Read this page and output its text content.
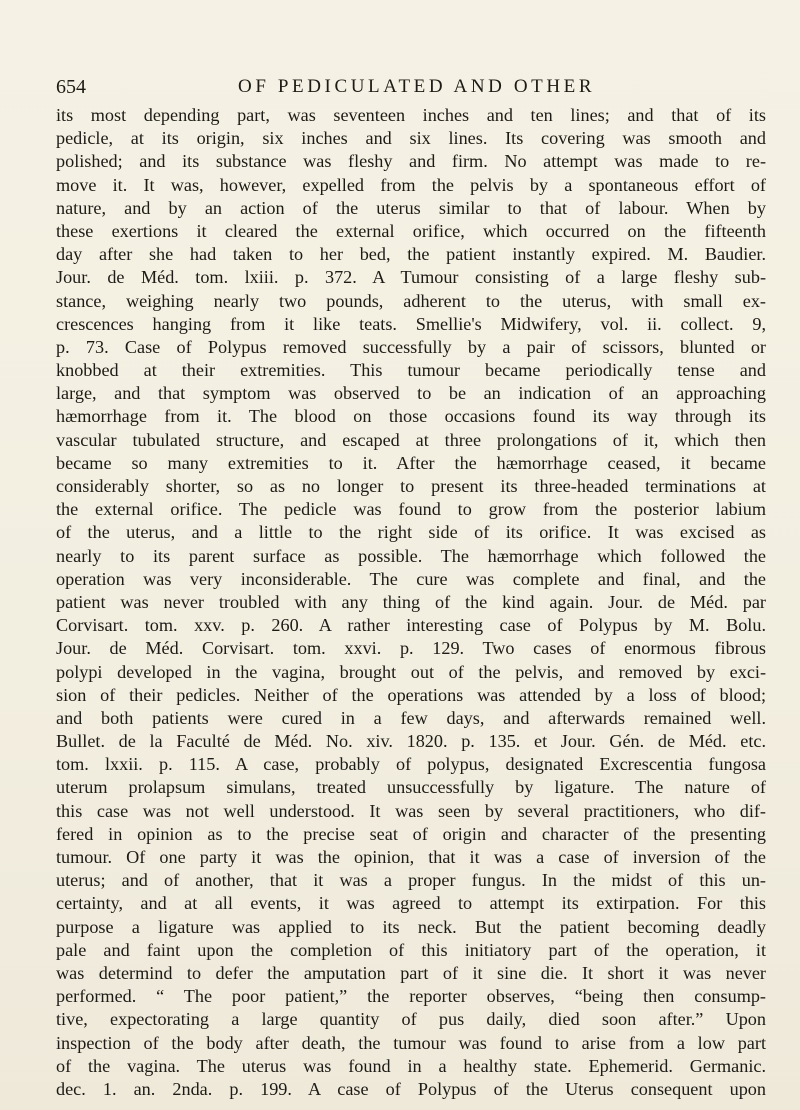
654	OF PEDICULATED AND OTHER
its most depending part, was seventeen inches and ten lines; and that of its
pedicle, at its origin, six inches and six lines. Its covering was smooth and
polished; and its substance was fleshy and firm. No attempt was made to re-
move it. It was, however, expelled from the pelvis by a spontaneous effort of
nature, and by an action of the uterus similar to that of labour. When by
these exertions it cleared the external orifice, which occurred on the fifteenth
day after she had taken to her bed, the patient instantly expired. M. Baudier.
Jour. de Méd. tom. lxiii. p. 372. A Tumour consisting of a large fleshy sub-
stance, weighing nearly two pounds, adherent to the uterus, with small ex-
crescences hanging from it like teats. Smellie's Midwifery, vol. ii. collect. 9,
p. 73. Case of Polypus removed successfully by a pair of scissors, blunted or
knobbed at their extremities. This tumour became periodically tense and
large, and that symptom was observed to be an indication of an approaching
hæmorrhage from it. The blood on those occasions found its way through its
vascular tubulated structure, and escaped at three prolongations of it, which then
became so many extremities to it. After the hæmorrhage ceased, it became
considerably shorter, so as no longer to present its three-headed terminations at
the external orifice. The pedicle was found to grow from the posterior labium
of the uterus, and a little to the right side of its orifice. It was excised as
nearly to its parent surface as possible. The hæmorrhage which followed the
operation was very inconsiderable. The cure was complete and final, and the
patient was never troubled with any thing of the kind again. Jour. de Méd. par
Corvisart. tom. xxv. p. 260. A rather interesting case of Polypus by M. Bolu.
Jour. de Méd. Corvisart. tom. xxvi. p. 129. Two cases of enormous fibrous
polypi developed in the vagina, brought out of the pelvis, and removed by exci-
sion of their pedicles. Neither of the operations was attended by a loss of blood;
and both patients were cured in a few days, and afterwards remained well.
Bullet. de la Faculté de Méd. No. xiv. 1820. p. 135. et Jour. Gén. de Méd. etc.
tom. lxxii. p. 115. A case, probably of polypus, designated Excrescentia fungosa
uterum prolapsum simulans, treated unsuccessfully by ligature. The nature of
this case was not well understood. It was seen by several practitioners, who dif-
fered in opinion as to the precise seat of origin and character of the presenting
tumour. Of one party it was the opinion, that it was a case of inversion of the
uterus; and of another, that it was a proper fungus. In the midst of this un-
certainty, and at all events, it was agreed to attempt its extirpation. For this
purpose a ligature was applied to its neck. But the patient becoming deadly
pale and faint upon the completion of this initiatory part of the operation, it
was determind to defer the amputation part of it sine die. It short it was never
performed. “ The poor patient,” the reporter observes, “being then consump-
tive, expectorating a large quantity of pus daily, died soon after.” Upon
inspection of the body after death, the tumour was found to arise from a low part
of the vagina. The uterus was found in a healthy state. Ephemerid. Germanic.
dec. 1. an. 2nda. p. 199. A case of Polypus of the Uterus consequent upon
